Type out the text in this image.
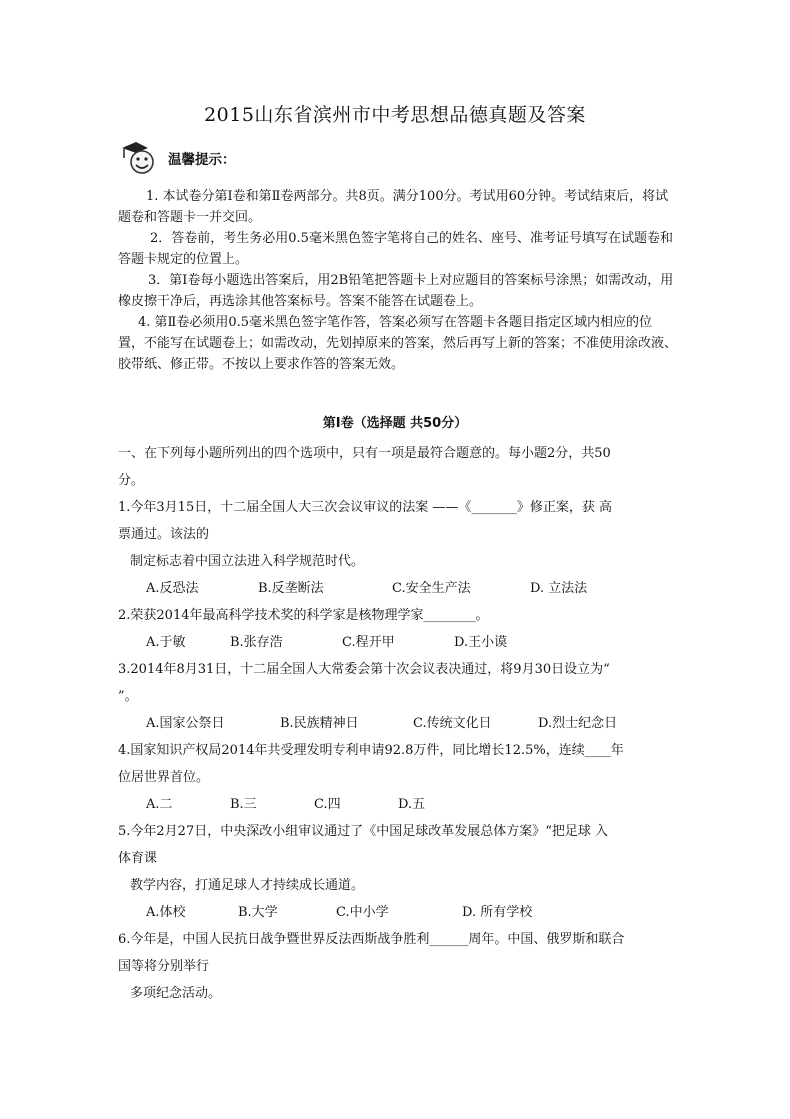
2015山东省滨州市中考思想品德真题及答案
温馨提示：

1. 本试卷分第Ⅰ卷和第Ⅱ卷两部分。共8页。满分100分。考试用60分钟。考试结束后，将试题卷和答题卡一并交回。

2．答卷前，考生务必用0.5毫米黑色签字笔将自己的姓名、座号、准考证号填写在试题卷和答题卡规定的位置上。

3．第Ⅰ卷每小题选出答案后，用2B铅笔把答题卡上对应题目的答案标号涂黑；如需改动，用橡皮擦干净后，再选涂其他答案标号。答案不能答在试题卷上。

4. 第Ⅱ卷必须用0.5毫米黑色签字笔作答，答案必须写在答题卡各题目指定区域内相应的位置，不能写在试题卷上；如需改动，先划掉原来的答案，然后再写上新的答案；不准使用涂改液、胶带纸、修正带。不按以上要求作答的答案无效。

第Ⅰ卷（选择题 共50分）

一、在下列每小题所列出的四个选项中，只有一项是最符合题意的。每小题2分，共50

分。

1.今年3月15日，十二届全国人大三次会议审议的法案 ——《_______》修正案，获 高

票通过。该法的

制定标志着中国立法进入科学规范时代。

A.反恐法	B.反垄断法	C.安全生产法	D. 立法法

2.荣获2014年最高科学技术奖的科学家是核物理学家________。

A.于敏	B.张存浩	C.程开甲	D.王小谟

3.2014年8月31日，十二届全国人大常委会第十次会议表决通过，将9月30日设立为“

”。

A.国家公祭日	B.民族精神日	C.传统文化日	D.烈士纪念日

4.国家知识产权局2014年共受理发明专利申请92.8万件，同比增长12.5%，连续____年

位居世界首位。

A.二	B.三	C.四	D.五

5.今年2月27日，中央深改小组审议通过了《中国足球改革发展总体方案》“把足球 入

体育课

教学内容，打通足球人才持续成长通道。

A.体校	B.大学	C.中小学	D. 所有学校

6.今年是，中国人民抗日战争暨世界反法西斯战争胜利______周年。中国、俄罗斯和联合

国等将分别举行

多项纪念活动。
